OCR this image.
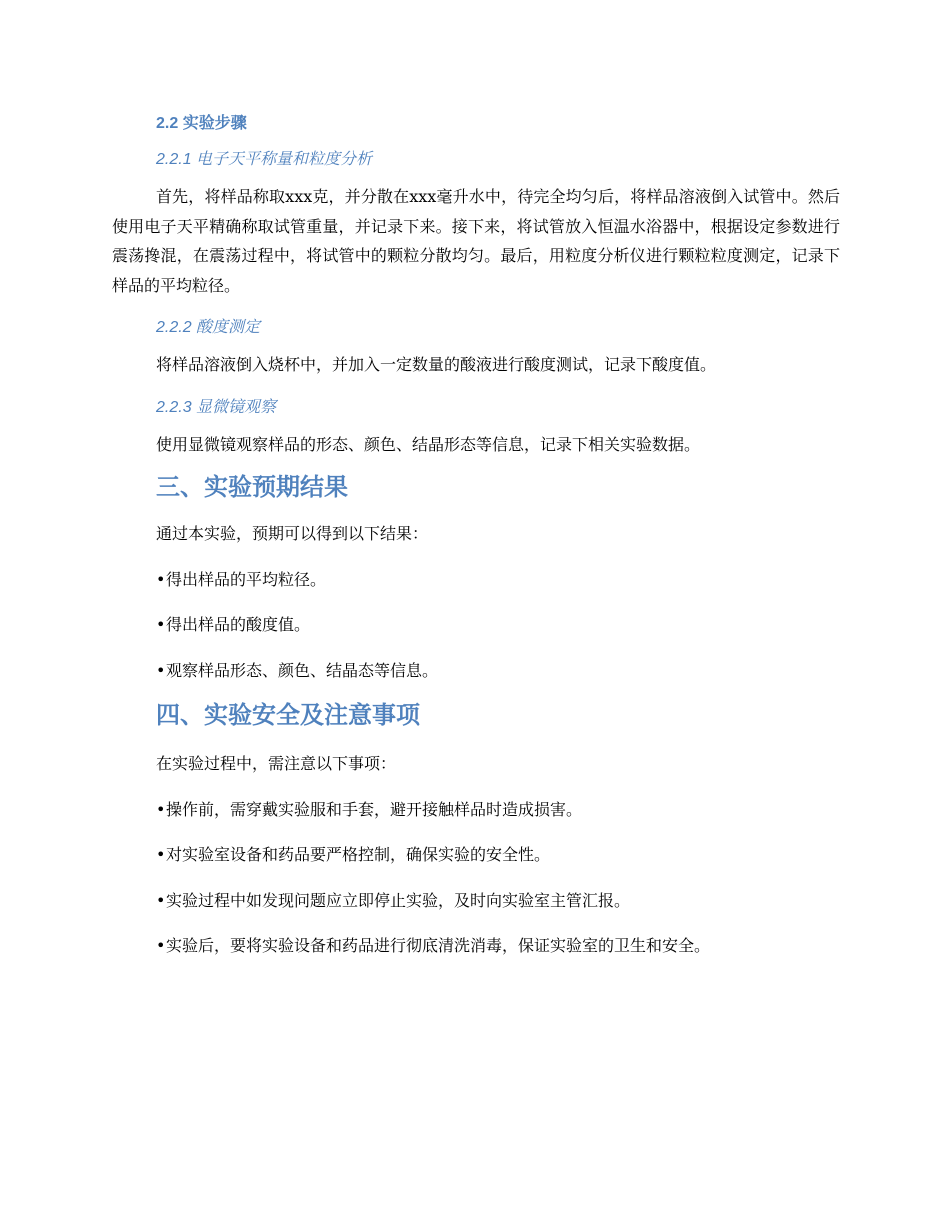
2.2 实验步骤
2.2.1 电子天平称量和粒度分析

首先，将样品称取xxx克，并分散在xxx毫升水中，待完全均匀后，将样品溶液倒入试管中。然后使用电子天平精确称取试管重量，并记录下来。接下来，将试管放入恒温水浴器中，根据设定参数进行震荡搀混，在震荡过程中，将试管中的颗粒分散均匀。最后，用粒度分析仪进行颗粒粒度测定，记录下样品的平均粒径。

2.2.2 酸度测定

将样品溶液倒入烧杯中，并加入一定数量的酸液进行酸度测试，记录下酸度值。

2.2.3 显微镜观察

使用显微镜观察样品的形态、颜色、结晶形态等信息，记录下相关实验数据。

三、实验预期结果

通过本实验，预期可以得到以下结果：

•得出样品的平均粒径。
•得出样品的酸度值。
•观察样品形态、颜色、结晶态等信息。
四、实验安全及注意事项

在实验过程中，需注意以下事项：

•操作前，需穿戴实验服和手套，避开接触样品时造成损害。
•对实验室设备和药品要严格控制，确保实验的安全性。
•实验过程中如发现问题应立即停止实验，及时向实验室主管汇报。
•实验后，要将实验设备和药品进行彻底清洗消毒，保证实验室的卫生和安全。
